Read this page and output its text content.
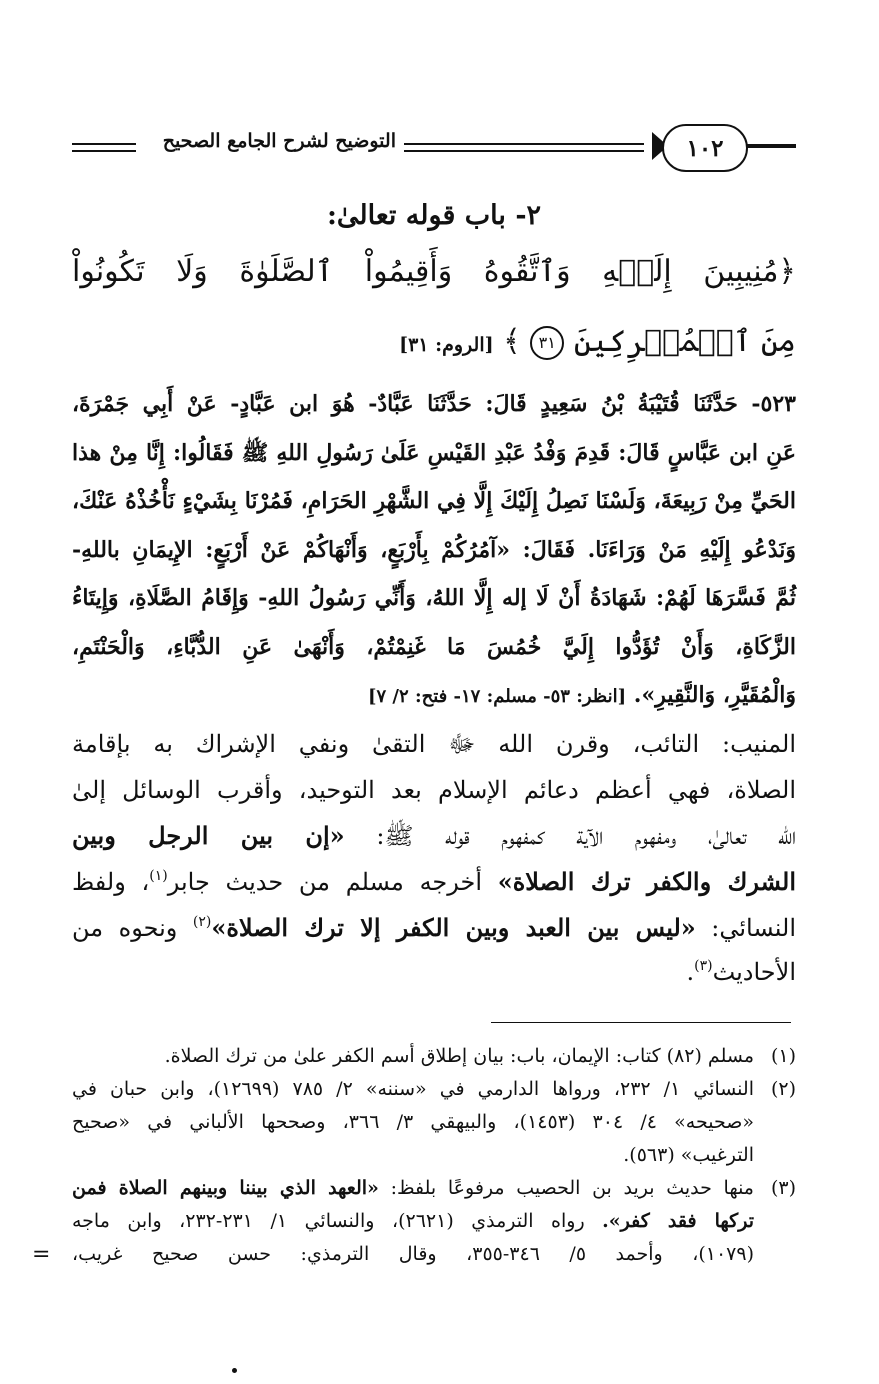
١٠٢
التوضيح لشرح الجامع الصحيح
٢- باب قوله تعالىٰ:
﴿مُنِيبِينَ إِلَيۡهِ وَٱتَّقُوهُ وَأَقِيمُواْ ٱلصَّلَوٰةَ وَلَا تَكُونُواْ
مِنَ ٱلۡمُشۡرِكِينَ ٣١ ﴾ [الروم: ٣١]
٥٢٣- حَدَّثَنَا قُتَيْبَةُ بْنُ سَعِيدٍ قَالَ: حَدَّثَنَا عَبَّادٌ- هُوَ ابن عَبَّادٍ- عَنْ أَبِي جَمْرَةَ،
عَنِ ابن عَبَّاسٍ قَالَ: قَدِمَ وَفْدُ عَبْدِ القَيْسِ عَلَىٰ رَسُولِ اللهِ ﷺ فَقَالُوا: إِنَّا مِنْ هذا
الحَيِّ مِنْ رَبِيعَةَ، وَلَسْنَا نَصِلُ إِلَيْكَ إِلَّا فِي الشَّهْرِ الحَرَامِ، فَمُرْنَا بِشَيْءٍ نَأْخُذْهُ عَنْكَ،
وَنَدْعُو إِلَيْهِ مَنْ وَرَاءَنَا. فَقَالَ: «آمُرُكُمْ بِأَرْبَعٍ، وَأَنْهَاكُمْ عَنْ أَرْبَعٍ: الإِيمَانِ باللهِ-
ثُمَّ فَسَّرَهَا لَهُمْ: شَهَادَةُ أَنْ لَا إله إِلَّا اللهُ، وَأَنِّي رَسُولُ اللهِ- وَإِقَامُ الصَّلَاةِ، وَإِيتَاءُ
الزَّكَاةِ، وَأَنْ تُؤَدُّوا إِلَيَّ خُمُسَ مَا غَنِمْتُمْ، وَأَنْهَىٰ عَنِ الدُّبَّاءِ، وَالْحَنْتَمِ،
وَالْمُقَيَّرِ، وَالنَّقِيرِ». [انظر: ٥٣- مسلم: ١٧- فتح: ٢/ ٧]
المنيب: التائب، وقرن الله ﷻ التقىٰ ونفي الإشراك به بإقامة
الصلاة، فهي أعظم دعائم الإسلام بعد التوحيد، وأقرب الوسائل إلىٰ
الله تعالىٰ، ومفهوم الآية كمفهوم قوله ﷺ: «إن بين الرجل وبين
الشرك والكفر ترك الصلاة» أخرجه مسلم من حديث جابر$^{(١)}$، ولفظ
النسائي: «ليس بين العبد وبين الكفر إلا ترك الصلاة»$^{(٢)}$ ونحوه من
الأحاديث$^{(٣)}$.
(١)
مسلم (٨٢) كتاب: الإيمان، باب: بيان إطلاق أسم الكفر علىٰ من ترك الصلاة.
(٢)
النسائي ١/ ٢٣٢، ورواها الدارمي في «سننه» ٢/ ٧٨٥ (١٢٦٩٩)، وابن حبان في
«صحيحه» ٤/ ٣٠٤ (١٤٥٣)، والبيهقي ٣/ ٣٦٦، وصححها الألباني في «صحيح
الترغيب» (٥٦٣).
(٣)
منها حديث بريد بن الحصيب مرفوعًا بلفظ: «العهد الذي بيننا وبينهم الصلاة فمن
تركها فقد كفر». رواه الترمذي (٢٦٢١)، والنسائي ١/ ٢٣١-٢٣٢، وابن ماجه
(١٠٧٩)، وأحمد ٥/ ٣٤٦-٣٥٥، وقال الترمذي: حسن صحيح غريب،
=
